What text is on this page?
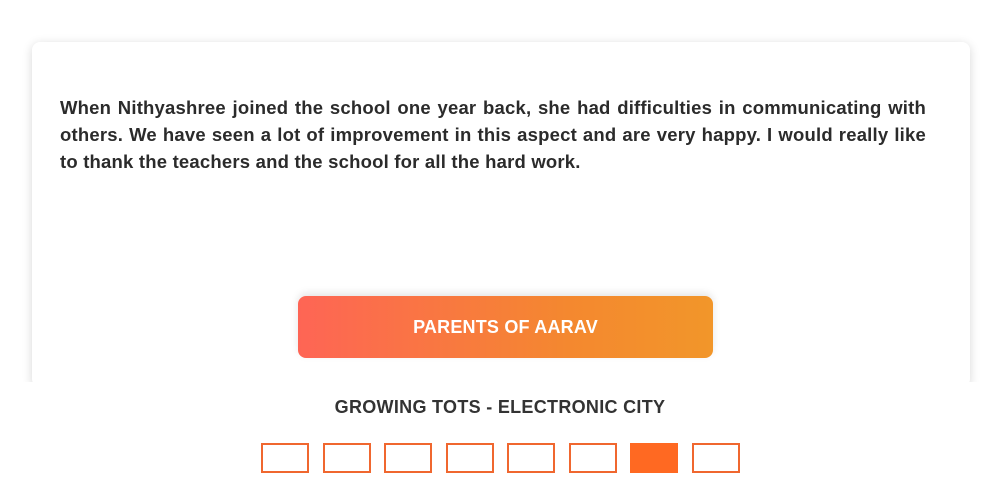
When Nithyashree joined the school one year back, she had difficulties in communicating with others. We have seen a lot of improvement in this aspect and are very happy. I would really like to thank the teachers and the school for all the hard work.

PARENTS OF AARAV
GROWING TOTS - ELECTRONIC CITY
